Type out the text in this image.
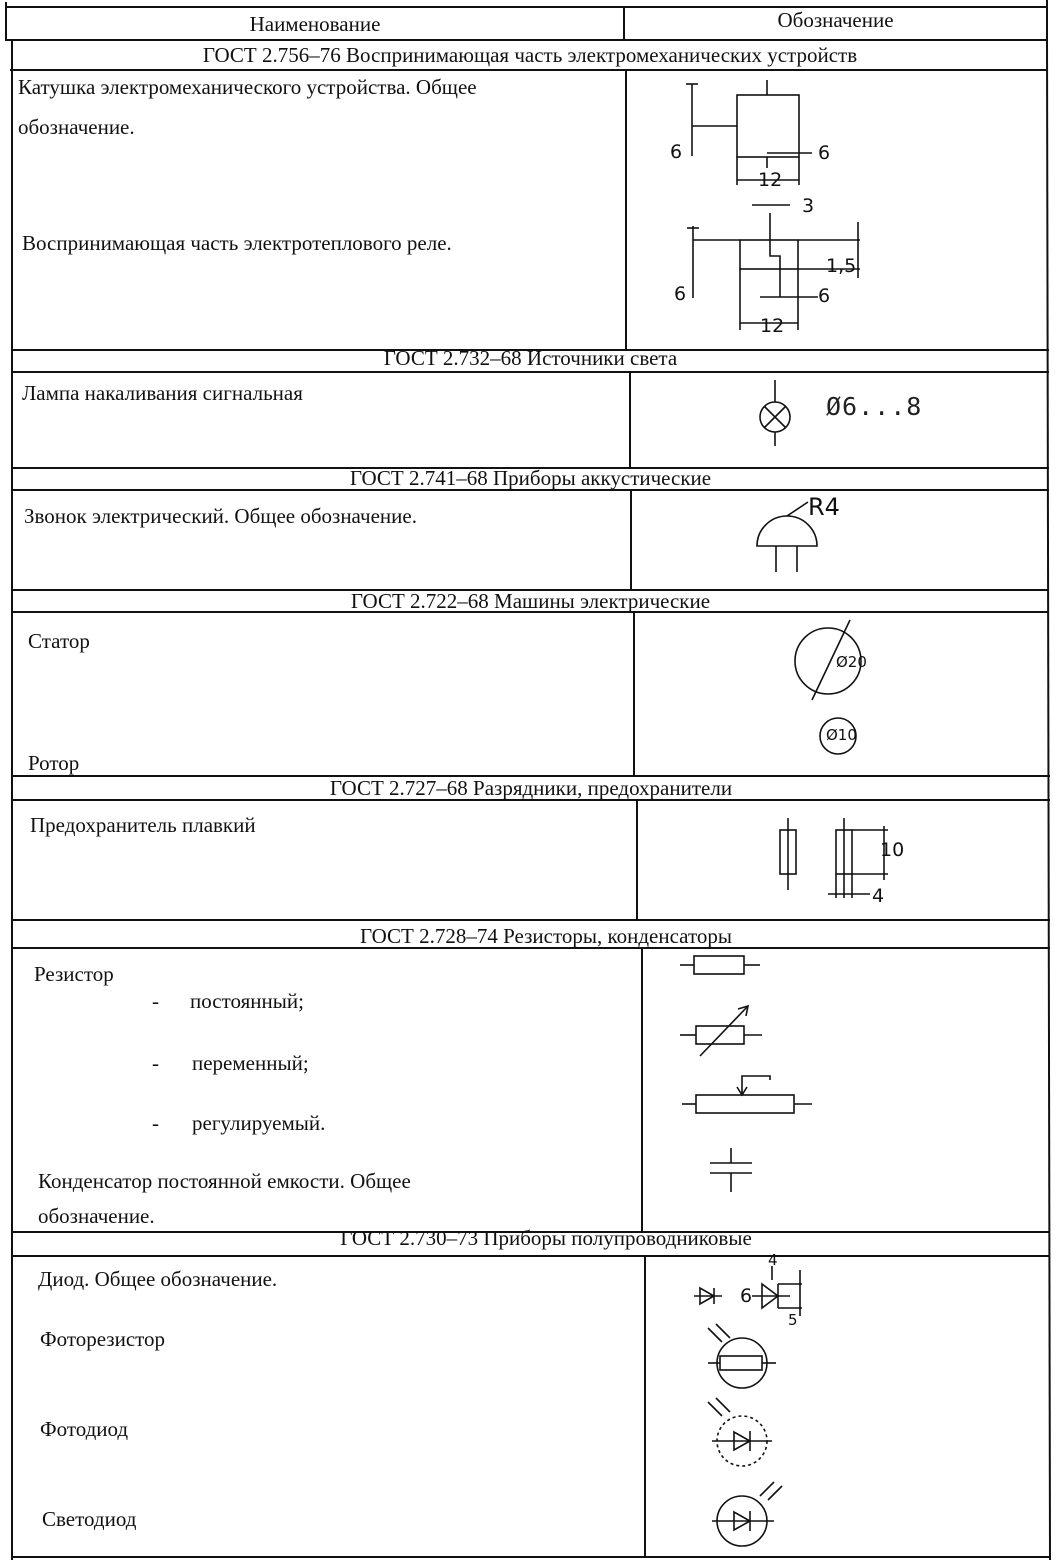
Наименование	Обозначение
ГОСТ 2.756–76 Воспринимающая часть электромеханических устройств
ГОСТ 2.732–68 Источники света
ГОСТ 2.741–68 Приборы аккустические
ГОСТ 2.722–68 Машины электрические
ГОСТ 2.727–68 Разрядники, предохранители
ГОСТ 2.728–74 Резисторы, конденсаторы
ГОСТ 2.730–73 Приборы полупроводниковые
Катушка электромеханического устройства. Общее
обозначение.
Воспринимающая часть электротеплового реле.
Лампа накаливания сигнальная
Звонок электрический. Общее обозначение.
Статор
Ротор
Предохранитель плавкий
Резистор
- постоянный;
- переменный;
- регулируемый.
Конденсатор постоянной емкости. Общее
обозначение.
Диод. Общее обозначение.
Фоторезистор
Фотодиод
Светодиод
6	6
12
3
6
1,5
6
12
Ø6...8
R4
Ø20
Ø10
10
4
4
6
5
